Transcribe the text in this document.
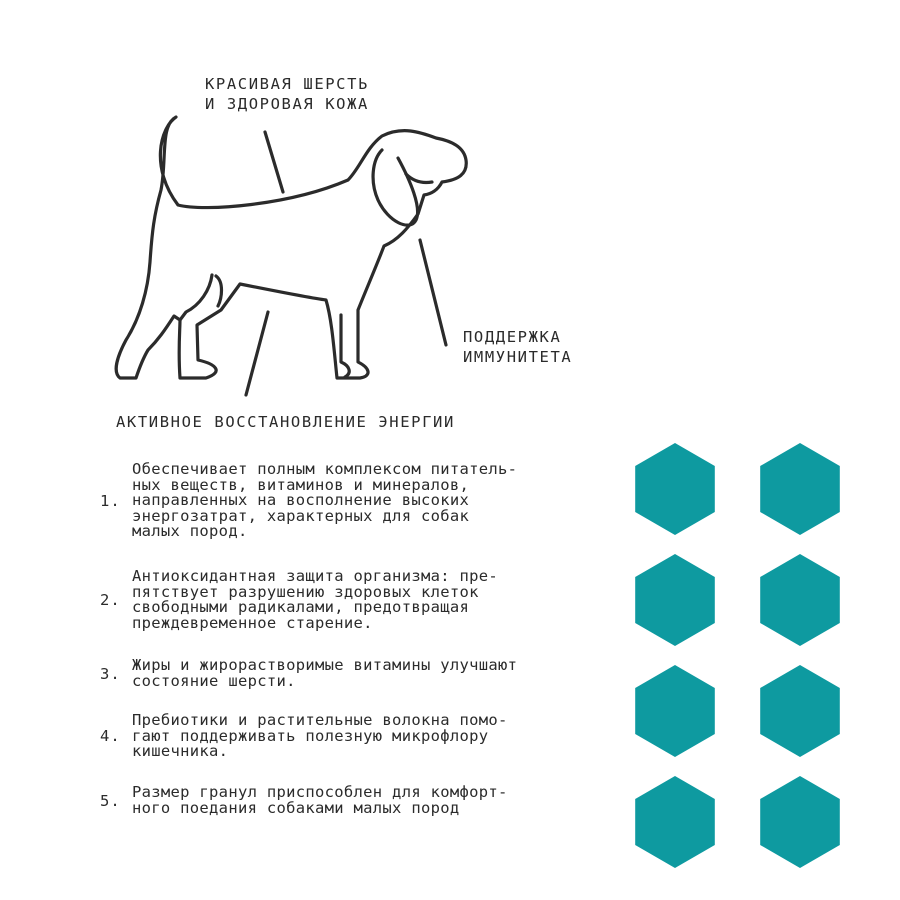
КРАСИВАЯ ШЕРСТЬ
И ЗДОРОВАЯ КОЖА

ПОДДЕРЖКА
ИММУНИТЕТА

АКТИВНОЕ ВОССТАНОВЛЕНИЕ ЭНЕРГИИ

1.
Обеспечивает полным комплексом питатель-
ных веществ, витаминов и минералов,
направленных на восполнение высоких
энергозатрат, характерных для собак
малых пород.
2.
Антиоксидантная защита организма: пре-
пятствует разрушению здоровых клеток
свободными радикалами, предотвращая
преждевременное старение.
3. Жиры и жирорастворимые витамины улучшают
состояние шерсти.
4.
Пребиотики и растительные волокна помо-
гают поддерживать полезную микрофлору
кишечника.
5. Размер гранул приспособлен для комфорт-
ного поедания собаками малых пород
